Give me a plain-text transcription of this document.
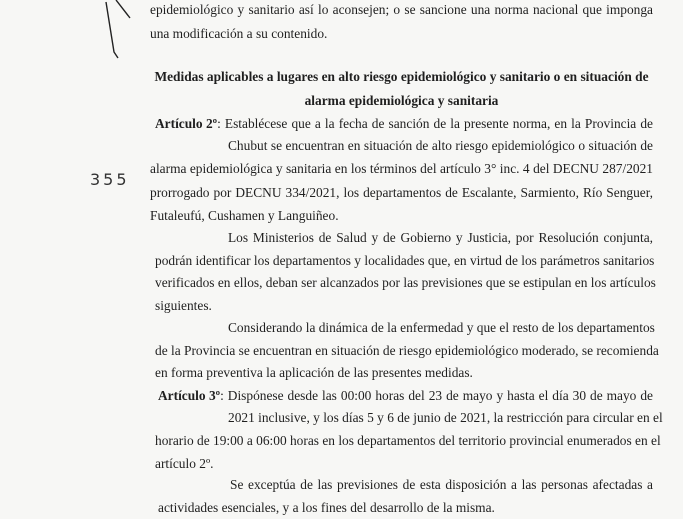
355
epidemiológico y sanitario así lo aconsejen; o se sancione una norma nacional que imponga
una modificación a su contenido.
Medidas aplicables a lugares en alto riesgo epidemiológico y sanitario o en situación de
alarma epidemiológica y sanitaria
Artículo 2º : Establécese que a la fecha de sanción de la presente norma, en la Provincia de
Chubut se encuentran en situación de alto riesgo epidemiológico o situación de
alarma epidemiológica y sanitaria en los términos del artículo 3° inc. 4 del DECNU 287/2021
prorrogado por DECNU 334/2021, los departamentos de Escalante, Sarmiento, Río Senguer,
Futaleufú, Cushamen y Languiñeo.
Los Ministerios de Salud y de Gobierno y Justicia, por Resolución conjunta,
podrán identificar los departamentos y localidades que, en virtud de los parámetros sanitarios
verificados en ellos, deban ser alcanzados por las previsiones que se estipulan en los artículos
siguientes.
Considerando la dinámica de la enfermedad y que el resto de los departamentos
de la Provincia se encuentran en situación de riesgo epidemiológico moderado, se recomienda
en forma preventiva la aplicación de las presentes medidas.
Artículo 3º : Dispónese desde las 00:00 horas del 23 de mayo y hasta el día 30 de mayo de
2021 inclusive, y los días 5 y 6 de junio de 2021, la restricción para circular en el
horario de 19:00 a 06:00 horas en los departamentos del territorio provincial enumerados en el
artículo 2º.
Se exceptúa de las previsiones de esta disposición a las personas afectadas a
actividades esenciales, y a los fines del desarrollo de la misma.
